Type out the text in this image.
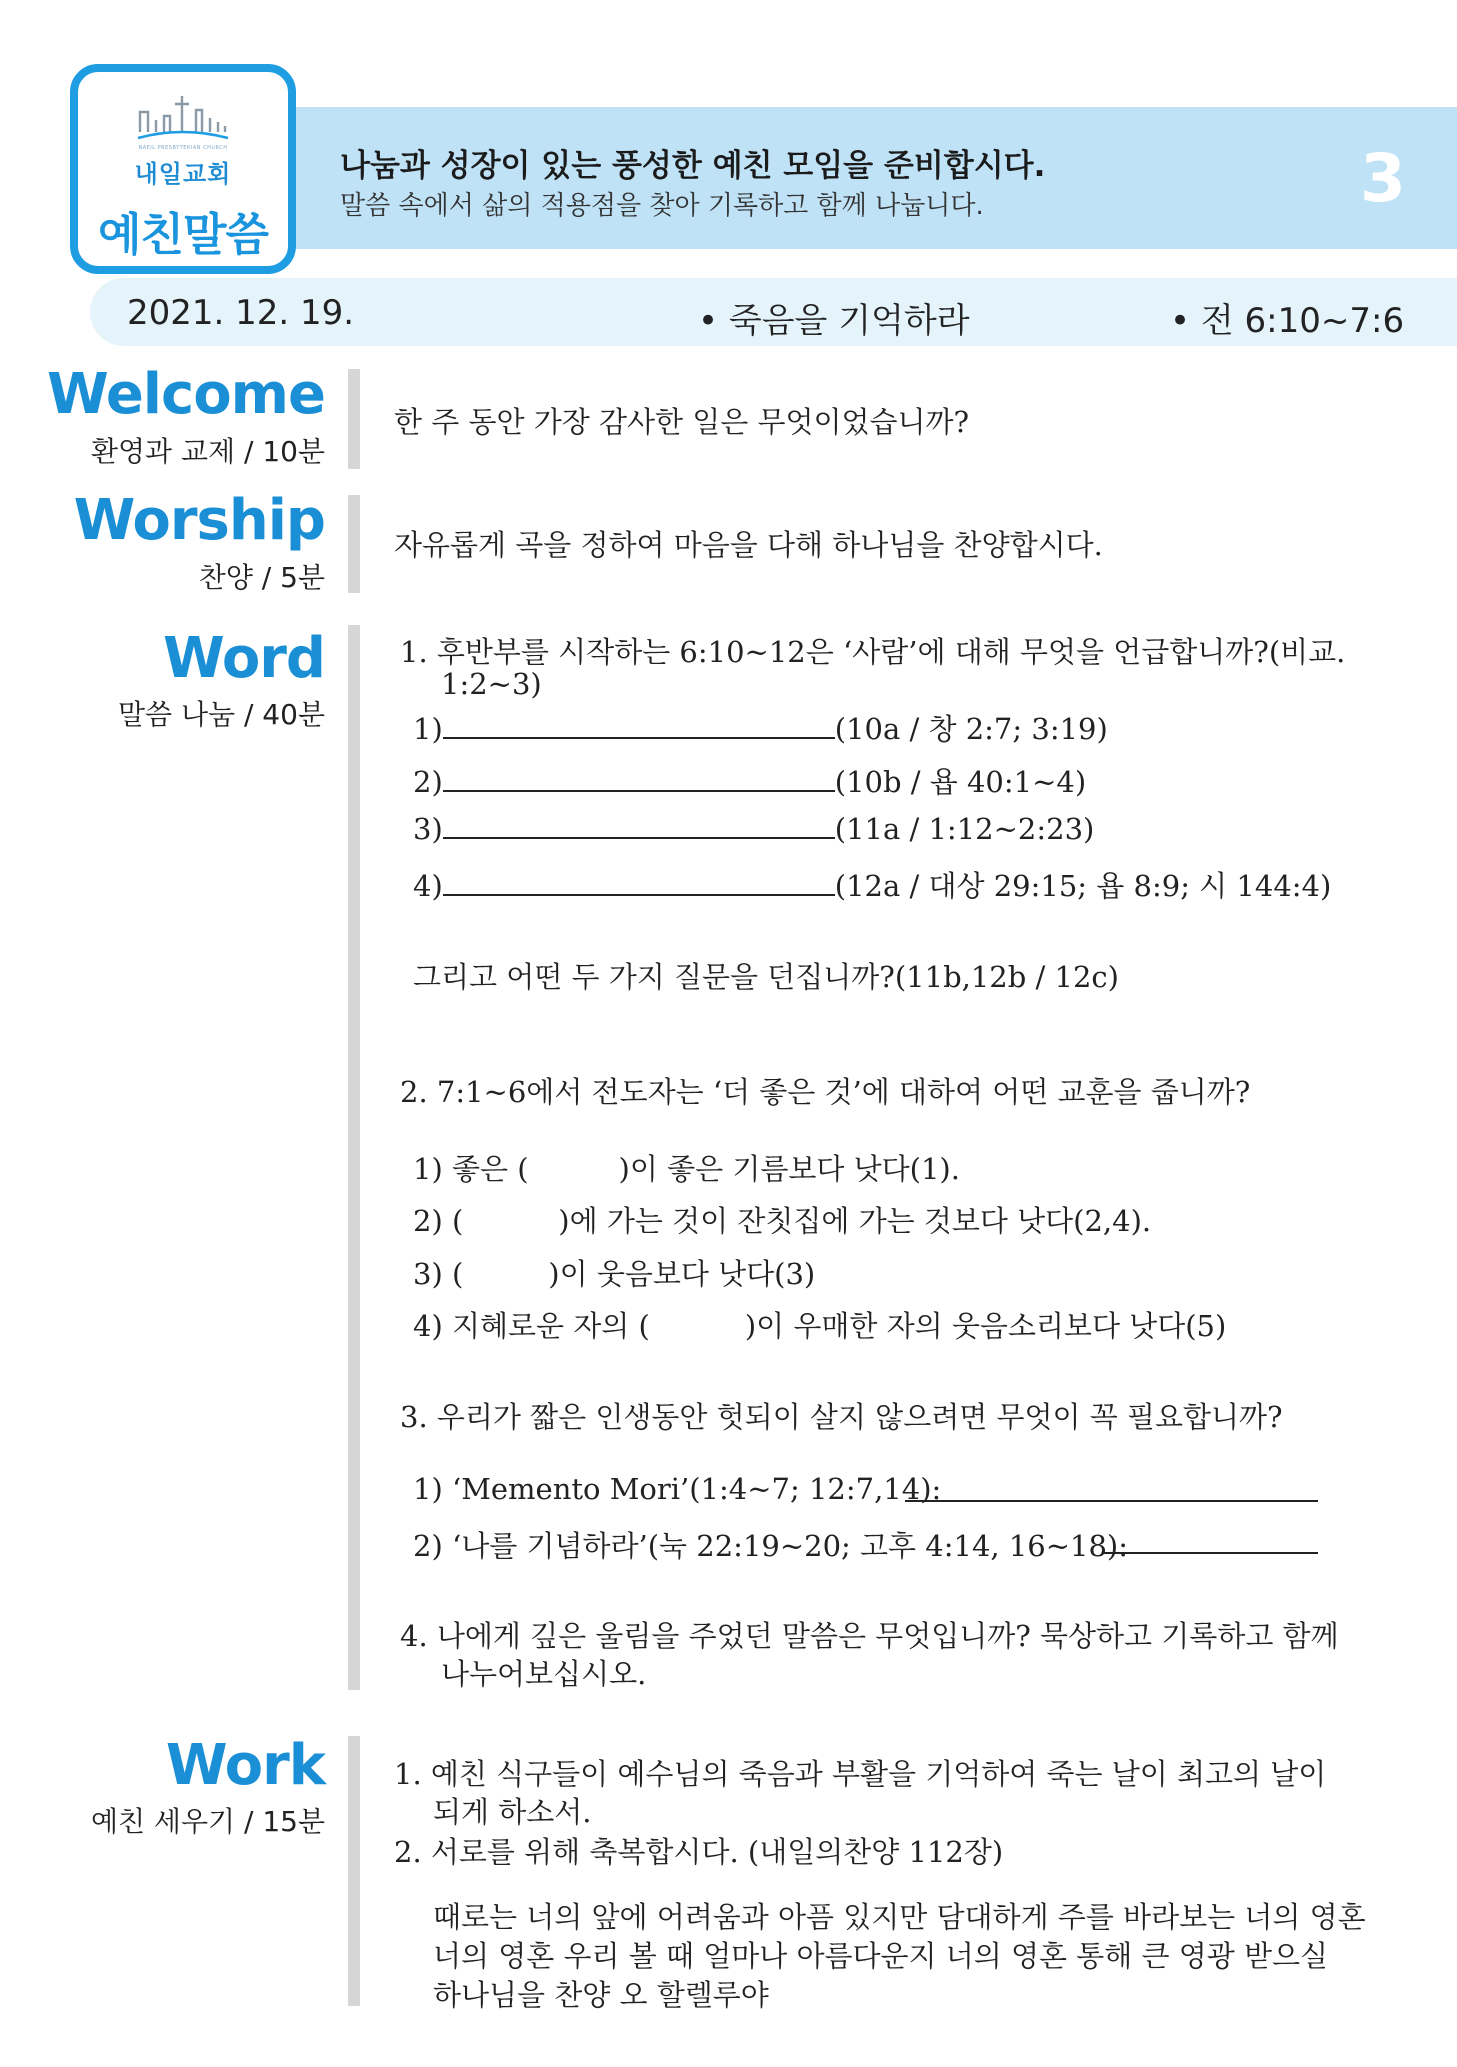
나눔과 성장이 있는 풍성한 예친 모임을 준비합시다.
말씀 속에서 삶의 적용점을 찾아 기록하고 함께 나눕니다.	3
내일교회
NAEIL PRESBYTERIAN CHURCH
예친말씀
2021. 12. 19.	• 죽음을 기억하라	• 전 6:10~7:6
Welcome
환영과 교제 / 10분
한 주 동안 가장 감사한 일은 무엇이었습니까?
Worship
찬양 / 5분
자유롭게 곡을 정하여 마음을 다해 하나님을 찬양합시다.
Word
말씀 나눔 / 40분
1. 후반부를 시작하는 6:10~12은 ‘사람’에 대해 무엇을 언급합니까?(비교.
1:2~3)
1)	(10a / 창 2:7; 3:19)
2)	(10b / 욥 40:1~4)
3)	(11a / 1:12~2:23)
4)	(12a / 대상 29:15; 욥 8:9; 시 144:4)
그리고 어떤 두 가지 질문을 던집니까?(11b,12b / 12c)
2. 7:1~6에서 전도자는 ‘더 좋은 것’에 대하여 어떤 교훈을 줍니까?
1) 좋은 (	)이 좋은 기름보다 낫다(1).
2) (	)에 가는 것이 잔칫집에 가는 것보다 낫다(2,4).
3) (	)이 웃음보다 낫다(3)
4) 지혜로운 자의 (	)이 우매한 자의 웃음소리보다 낫다(5)
3. 우리가 짧은 인생동안 헛되이 살지 않으려면 무엇이 꼭 필요합니까?
1) ‘Memento Mori’(1:4~7; 12:7,14):
2) ‘나를 기념하라’(눅 22:19~20; 고후 4:14, 16~18):
4. 나에게 깊은 울림을 주었던 말씀은 무엇입니까? 묵상하고 기록하고 함께
나누어보십시오.
Work
예친 세우기 / 15분
1. 예친 식구들이 예수님의 죽음과 부활을 기억하여 죽는 날이 최고의 날이
되게 하소서.
2. 서로를 위해 축복합시다. (내일의찬양 112장)
때로는 너의 앞에 어려움과 아픔 있지만 담대하게 주를 바라보는 너의 영혼
너의 영혼 우리 볼 때 얼마나 아름다운지 너의 영혼 통해 큰 영광 받으실
하나님을 찬양 오 할렐루야
